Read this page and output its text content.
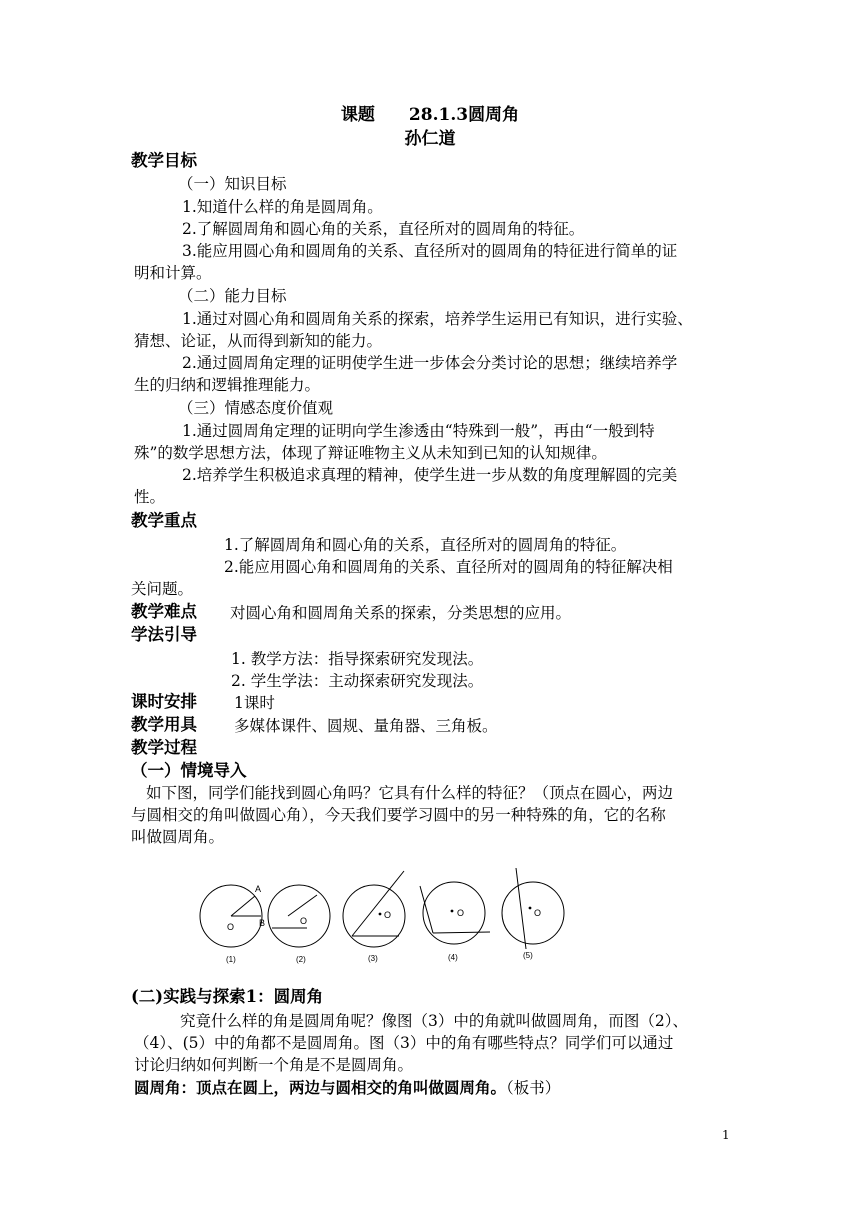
课题　　28.1.3圆周角
孙仁道
教学目标
（一）知识目标
1.知道什么样的角是圆周角。
2.了解圆周角和圆心角的关系，直径所对的圆周角的特征。
3.能应用圆心角和圆周角的关系、直径所对的圆周角的特征进行简单的证
明和计算。
（二）能力目标
1.通过对圆心角和圆周角关系的探索，培养学生运用已有知识，进行实验、
猜想、论证，从而得到新知的能力。
2.通过圆周角定理的证明使学生进一步体会分类讨论的思想；继续培养学
生的归纳和逻辑推理能力。
（三）情感态度价值观
1.通过圆周角定理的证明向学生渗透由“特殊到一般”，再由“一般到特
殊”的数学思想方法，体现了辩证唯物主义从未知到已知的认知规律。
2.培养学生积极追求真理的精神，使学生进一步从数的角度理解圆的完美
性。
教学重点
1.了解圆周角和圆心角的关系，直径所对的圆周角的特征。
2.能应用圆心角和圆周角的关系、直径所对的圆周角的特征解决相
关问题。
教学难点 对圆心角和圆周角关系的探索，分类思想的应用。
学法引导
1. 教学方法：指导探索研究发现法。
2. 学生学法：主动探索研究发现法。
课时安排 1课时
教学用具 多媒体课件、圆规、量角器、三角板。
教学过程
（一）情境导入
如下图，同学们能找到圆心角吗？它具有什么样的特征？（顶点在圆心，两边
与圆相交的角叫做圆心角），今天我们要学习圆中的另一种特殊的角，它的名称
叫做圆周角。
A
B
O
O
O	O	O
(1)	(2)	(3)	(4)	(5)
(二)实践与探索1：圆周角
究竟什么样的角是圆周角呢？像图（3）中的角就叫做圆周角，而图（2）、
（4）、(5）中的角都不是圆周角。图（3）中的角有哪些特点？同学们可以通过
讨论归纳如何判断一个角是不是圆周角。
圆周角：顶点在圆上，两边与圆相交的角叫做圆周角。（板书）
1
